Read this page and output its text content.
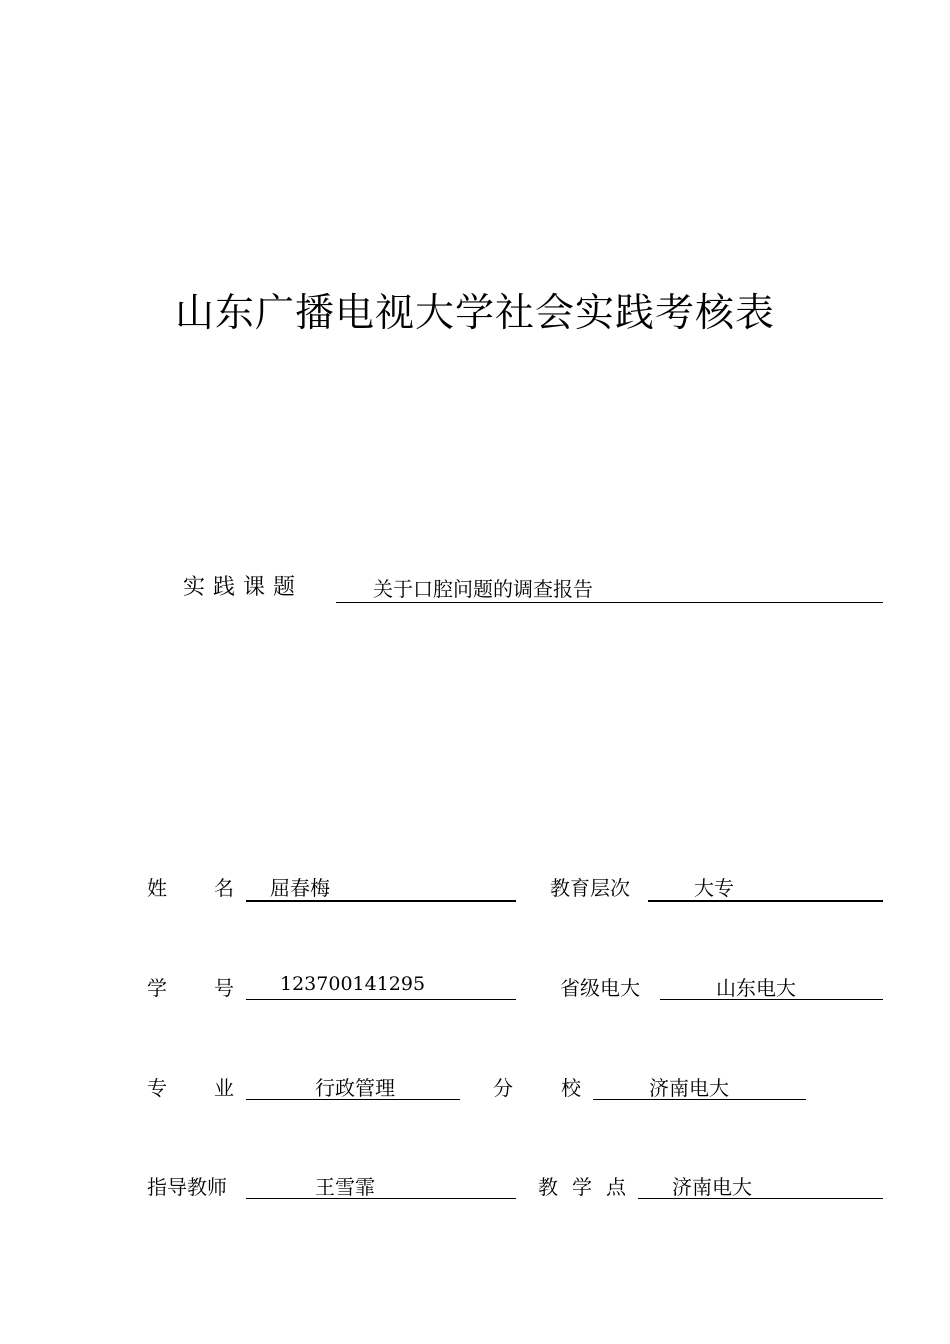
山东广播电视大学社会实践考核表
实践课题	关于口腔问题的调查报告
姓 名 屈春梅	教育层次	大专
学 号 123700141295	省级电大	山东电大
专 业	行政管理	分 校	济南电大
指导教师	王雪霏	教 学 点 济南电大
